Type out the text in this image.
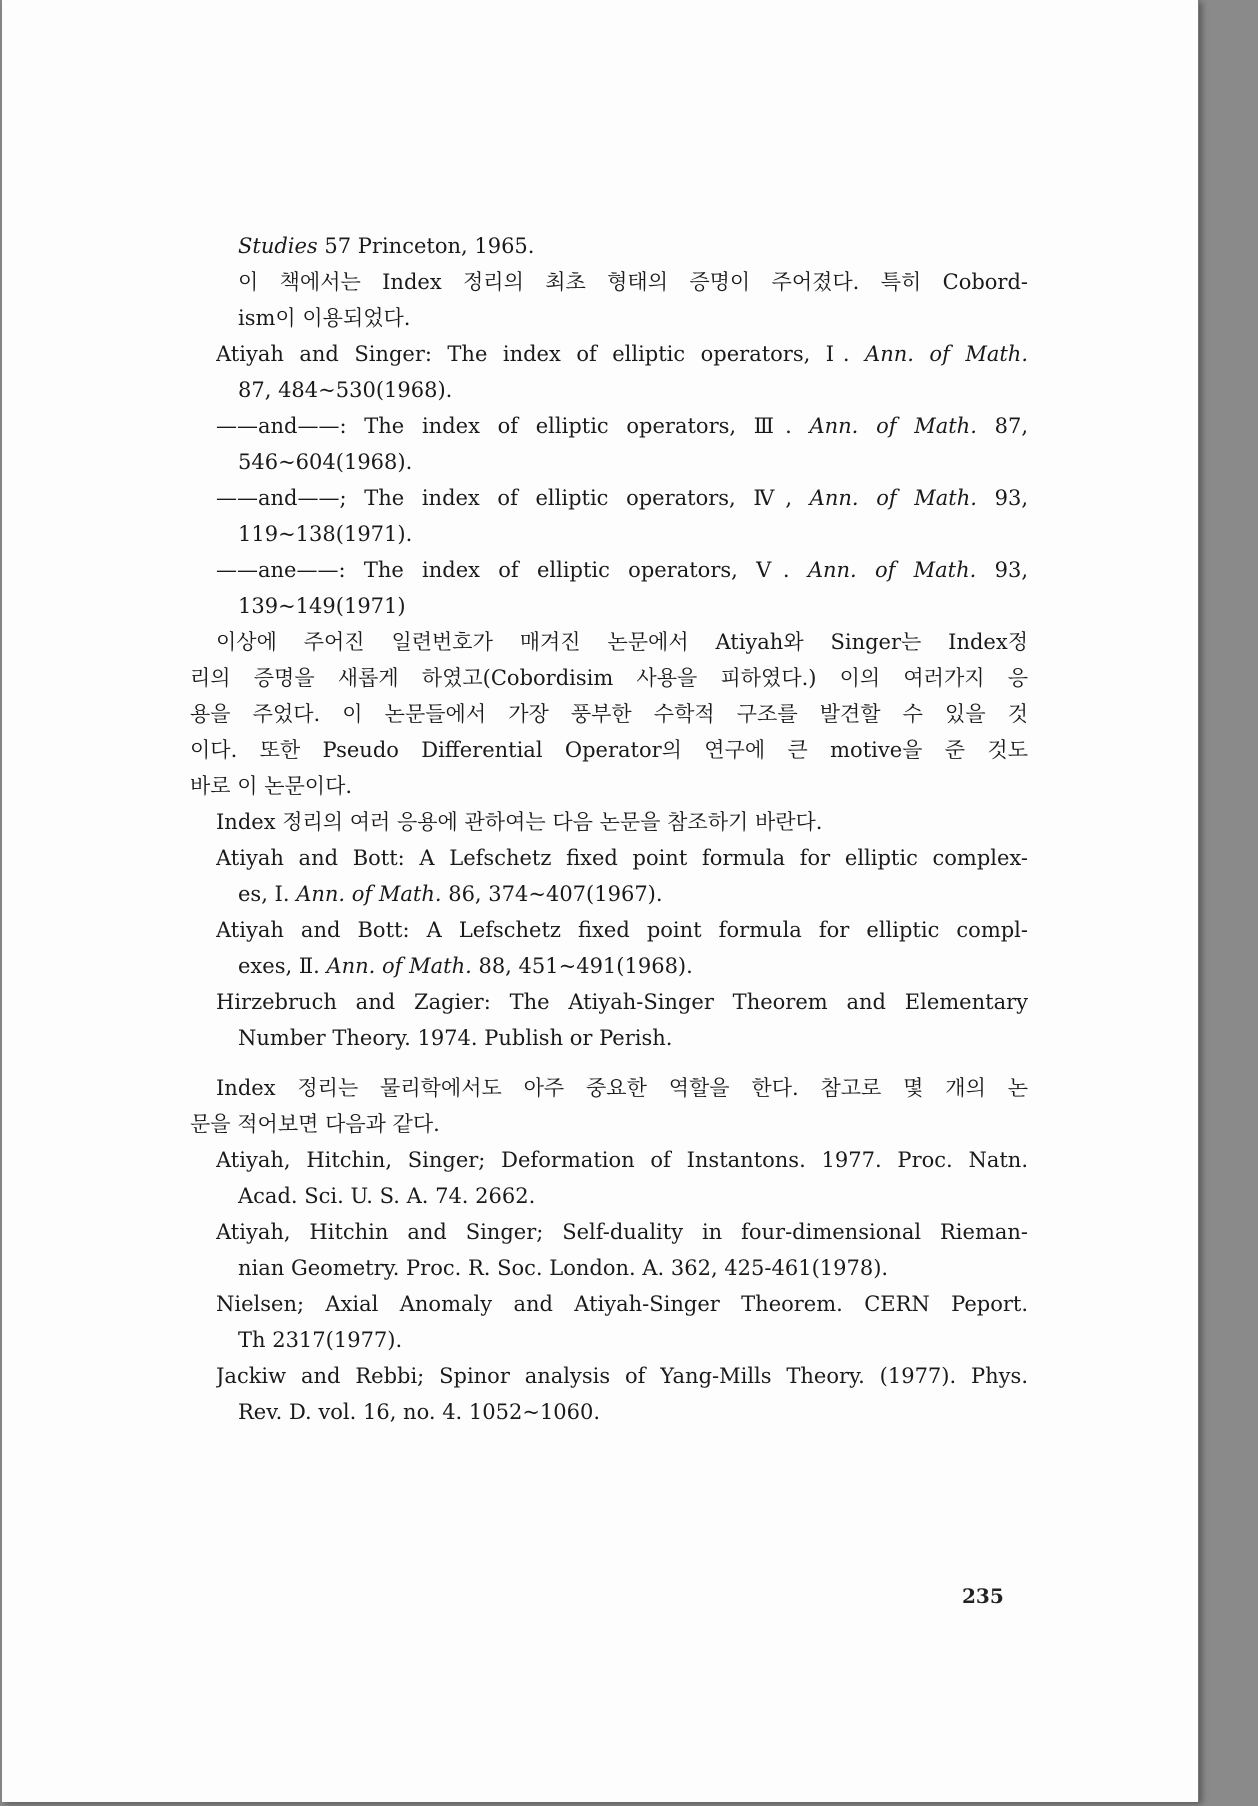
Studies 57 Princeton, 1965.
이 책에서는 Index 정리의 최초 형태의 증명이 주어졌다. 특히 Cobord-
ism이 이용되었다.
Atiyah and Singer: The index of elliptic operators, Ⅰ. Ann. of Math.
87, 484~530(1968).
——and——: The index of elliptic operators, Ⅲ. Ann. of Math. 87,
546~604(1968).
——and——; The index of elliptic operators, Ⅳ, Ann. of Math. 93,
119~138(1971).
——ane——: The index of elliptic operators, Ⅴ. Ann. of Math. 93,
139~149(1971)
이상에 주어진 일련번호가 매겨진 논문에서 Atiyah와 Singer는 Index정
리의 증명을 새롭게 하였고(Cobordisim 사용을 피하였다.) 이의 여러가지 응
용을 주었다. 이 논문들에서 가장 풍부한 수학적 구조를 발견할 수 있을 것
이다. 또한 Pseudo Differential Operator의 연구에 큰 motive을 준 것도
바로 이 논문이다.
Index 정리의 여러 응용에 관하여는 다음 논문을 참조하기 바란다.
Atiyah and Bott: A Lefschetz fixed point formula for elliptic complex-
es, Ⅰ. Ann. of Math. 86, 374~407(1967).
Atiyah and Bott: A Lefschetz fixed point formula for elliptic compl-
exes, Ⅱ. Ann. of Math. 88, 451~491(1968).
Hirzebruch and Zagier: The Atiyah-Singer Theorem and Elementary
Number Theory. 1974. Publish or Perish.
Index 정리는 물리학에서도 아주 중요한 역할을 한다. 참고로 몇 개의 논
문을 적어보면 다음과 같다.
Atiyah, Hitchin, Singer; Deformation of Instantons. 1977. Proc. Natn.
Acad. Sci. U. S. A. 74. 2662.
Atiyah, Hitchin and Singer; Self-duality in four-dimensional Rieman-
nian Geometry. Proc. R. Soc. London. A. 362, 425-461(1978).
Nielsen; Axial Anomaly and Atiyah-Singer Theorem. CERN Peport.
Th 2317(1977).
Jackiw and Rebbi; Spinor analysis of Yang-Mills Theory. (1977). Phys.
Rev. D. vol. 16, no. 4. 1052~1060.
235
